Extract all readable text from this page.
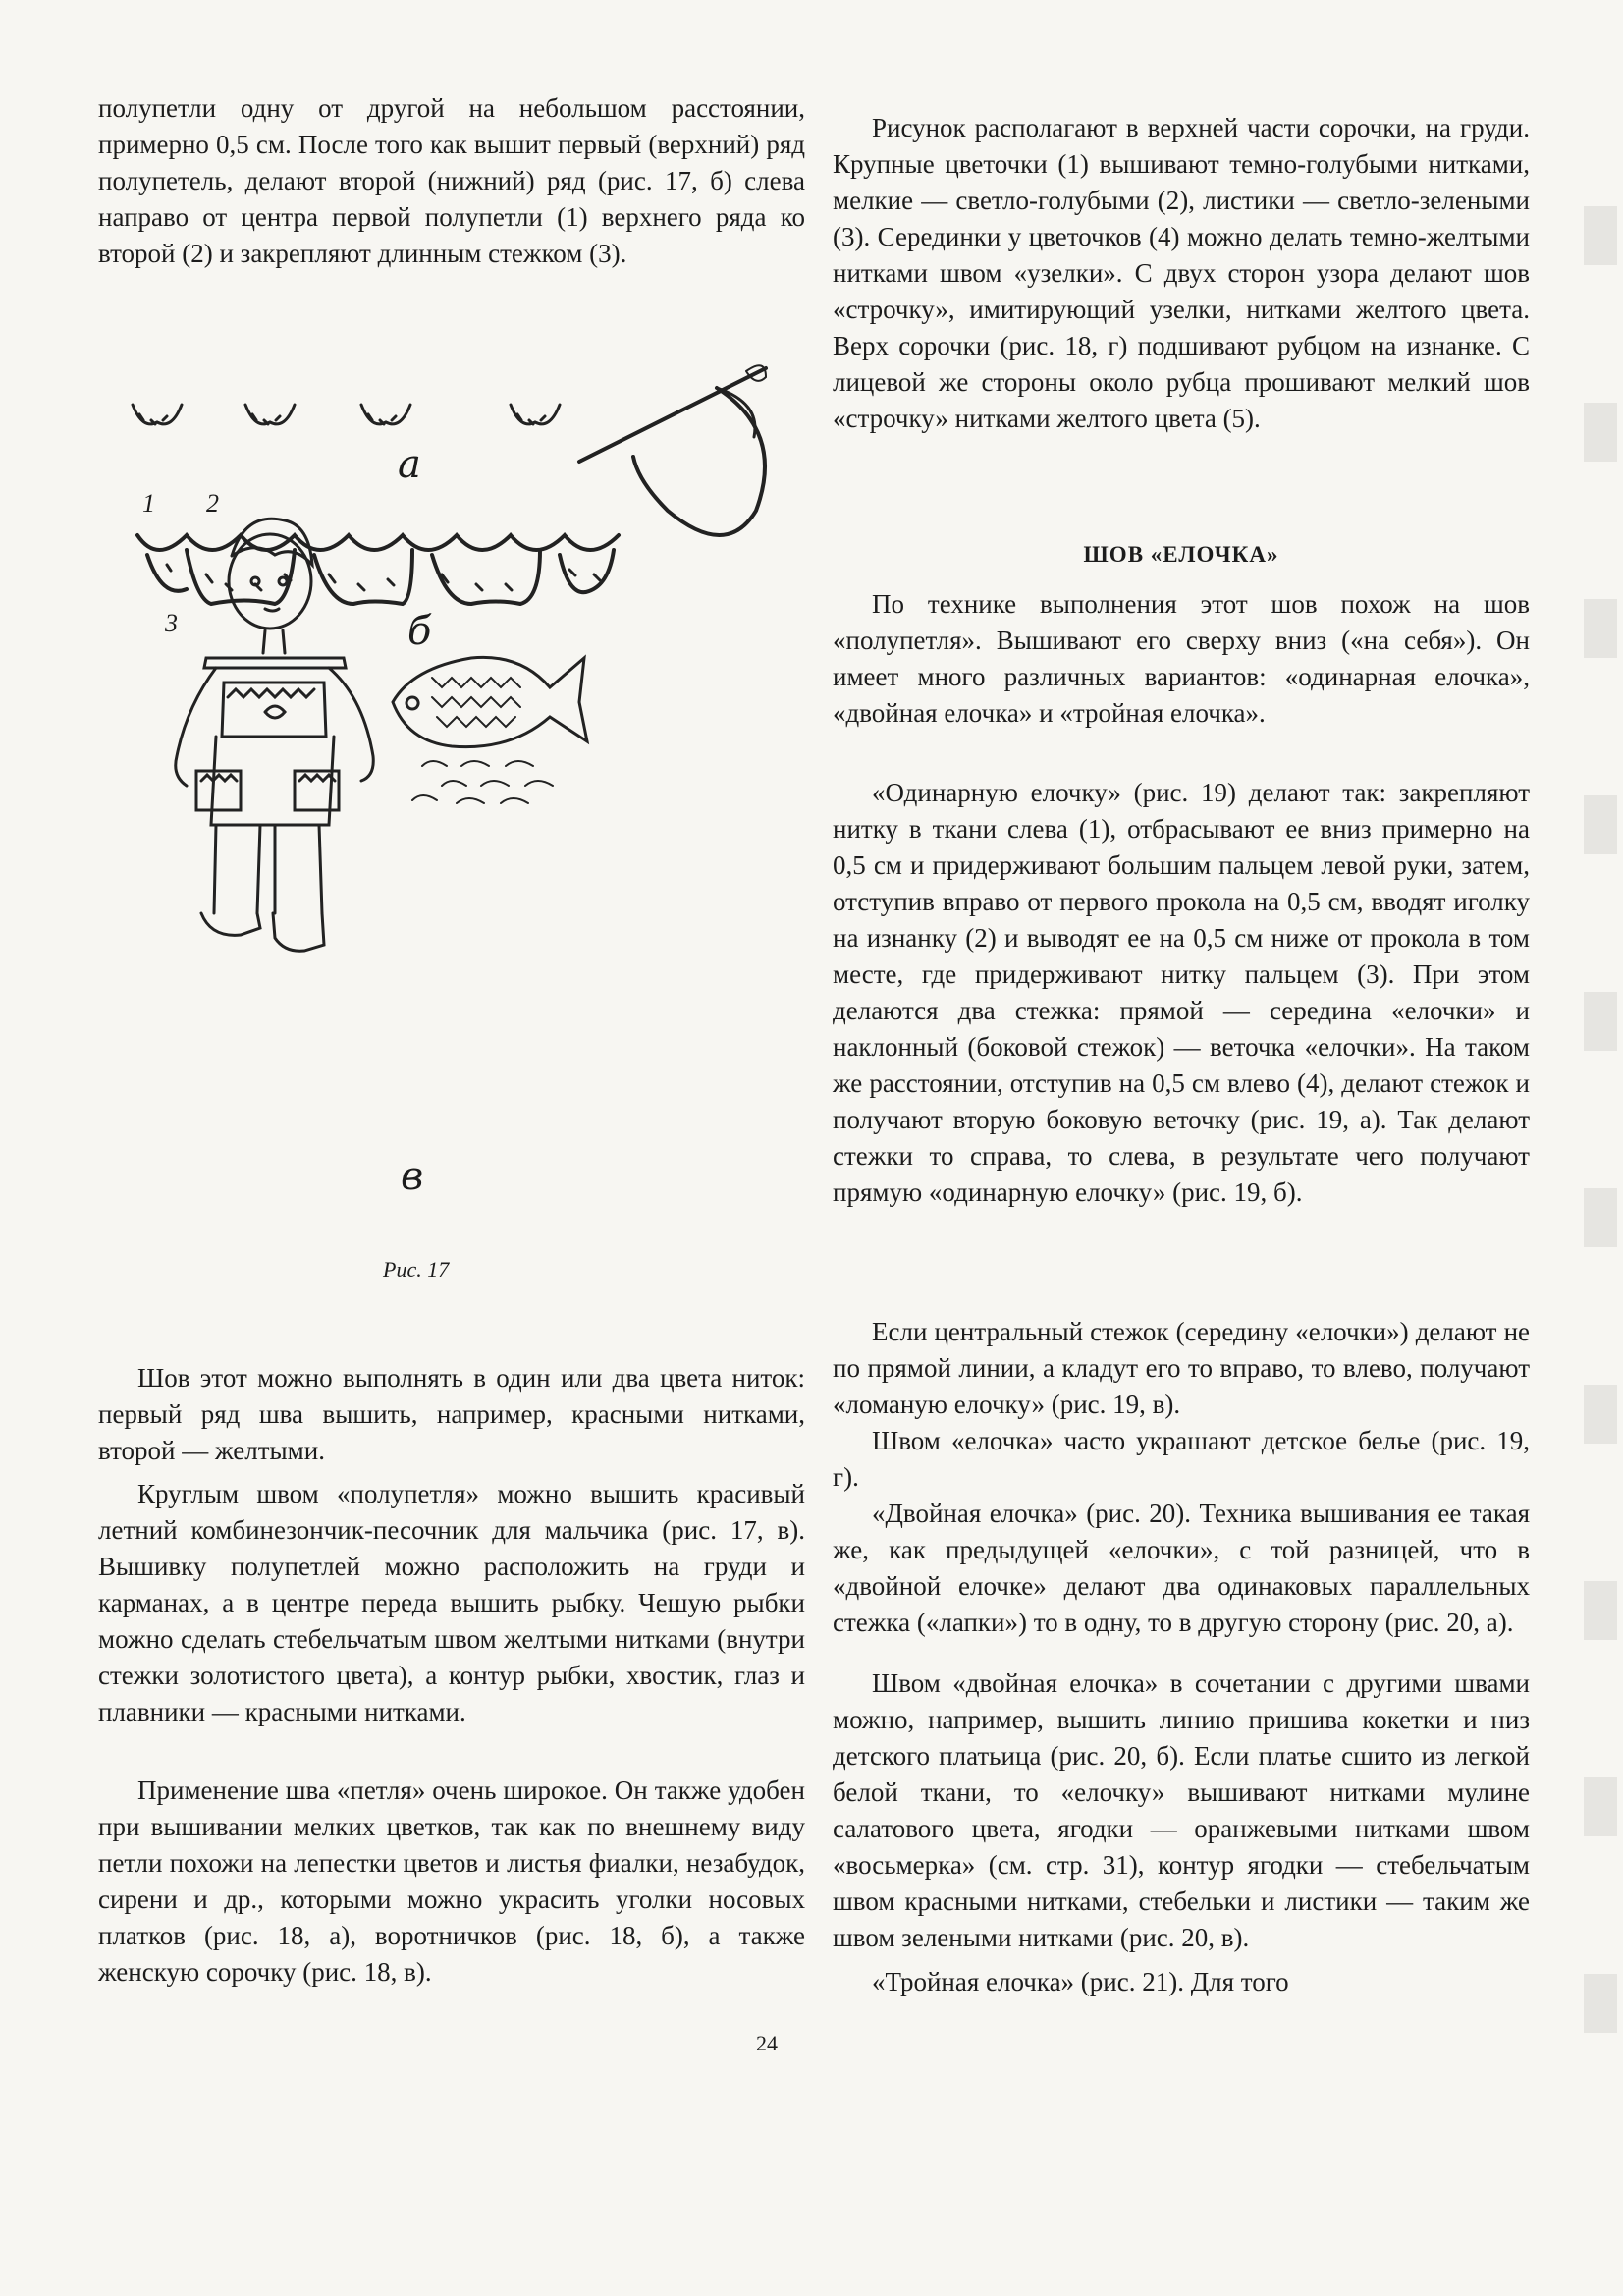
полупетли одну от другой на небольшом расстоянии, примерно 0,5 см. После того как вышит первый (верхний) ряд полупетель, делают второй (нижний) ряд (рис. 17, б) слева направо от центра первой полупетли (1) верхнего ряда ко второй (2) и закрепляют длинным стежком (3).

Шов этот можно выполнять в один или два цвета ниток: первый ряд шва вышить, например, красными нитками, второй — желтыми.

Круглым швом «полупетля» можно вышить красивый летний комбинезончик-песочник для мальчика (рис. 17, в). Вышивку полупетлей можно расположить на груди и карманах, а в центре переда вышить рыбку. Чешую рыбки можно сделать стебельчатым швом желтыми нитками (внутри стежки золотистого цвета), а контур рыбки, хвостик, глаз и плавники — красными нитками.

Применение шва «петля» очень широкое. Он также удобен при вышивании мелких цветков, так как по внешнему виду петли похожи на лепестки цветов и листья фиалки, незабудок, сирени и др., которыми можно украсить уголки носовых платков (рис. 18, а), воротничков (рис. 18, б), а также женскую сорочку (рис. 18, в).

а
1 2
3	б
в
Рис. 17

Рисунок располагают в верхней части сорочки, на груди. Крупные цветочки (1) вышивают темно-голубыми нитками, мелкие — светло-голубыми (2), листики — светло-зелеными (3). Серединки у цветочков (4) можно делать темно-желтыми нитками швом «узелки». С двух сторон узора делают шов «строчку», имитирующий узелки, нитками желтого цвета. Верх сорочки (рис. 18, г) подшивают рубцом на изнанке. С лицевой же стороны около рубца прошивают мелкий шов «строчку» нитками желтого цвета (5).

ШОВ «ЕЛОЧКА»

По технике выполнения этот шов похож на шов «полупетля». Вышивают его сверху вниз («на себя»). Он имеет много различных вариантов: «одинарная елочка», «двойная елочка» и «тройная елочка».

«Одинарную елочку» (рис. 19) делают так: закрепляют нитку в ткани слева (1), отбрасывают ее вниз примерно на 0,5 см и придерживают большим пальцем левой руки, затем, отступив вправо от первого прокола на 0,5 см, вводят иголку на изнанку (2) и выводят ее на 0,5 см ниже от прокола в том месте, где придерживают нитку пальцем (3). При этом делаются два стежка: прямой — середина «елочки» и наклонный (боковой стежок) — веточка «елочки». На таком же расстоянии, отступив на 0,5 см влево (4), делают стежок и получают вторую боковую веточку (рис. 19, а). Так делают стежки то справа, то слева, в результате чего получают прямую «одинарную елочку» (рис. 19, б).

Если центральный стежок (середину «елочки») делают не по прямой линии, а кладут его то вправо, то влево, получают «ломаную елочку» (рис. 19, в).

Швом «елочка» часто украшают детское белье (рис. 19, г).

«Двойная елочка» (рис. 20). Техника вышивания ее такая же, как предыдущей «елочки», с той разницей, что в «двойной елочке» делают два одинаковых параллельных стежка («лапки») то в одну, то в другую сторону (рис. 20, а).

Швом «двойная елочка» в сочетании с другими швами можно, например, вышить линию пришива кокетки и низ детского платьица (рис. 20, б). Если платье сшито из легкой белой ткани, то «елочку» вышивают нитками мулине салатового цвета, ягодки — оранжевыми нитками швом «восьмерка» (см. стр. 31), контур ягодки — стебельчатым швом красными нитками, стебельки и листики — таким же швом зелеными нитками (рис. 20, в).

«Тройная елочка» (рис. 21). Для того

24
